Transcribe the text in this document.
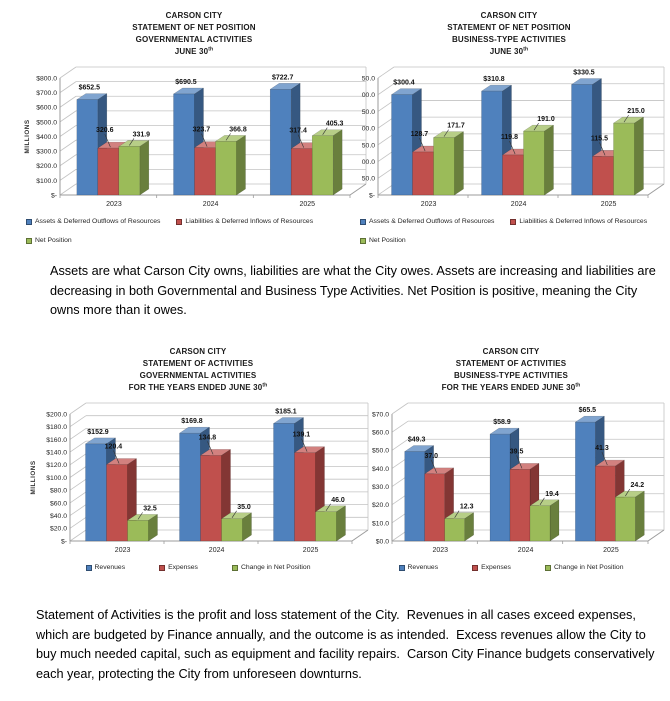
CARSON CITY
STATEMENT OF NET POSITION
GOVERNMENTAL ACTIVITIES
JUNE 30th
$-
$100.0
$200.0
$300.0
$400.0
$500.0
$600.0
$700.0
$800.0
$652.5
320.6
331.9
2023
$690.5
323.7	366.8
2024
$722.7
317.4
405.3
2025
MILLIONS
Assets & Deferred Outflows of Resources	Liabilities & Deferred Inflows of Resources
Net Position
CARSON CITY
STATEMENT OF NET POSITION
BUSINESS-TYPE ACTIVITIES
JUNE 30th
$-
50.0
00.0
50.0
00.0
50.0
00.0
50.0
$300.4
128.7
171.7
2023
$310.8
119.8
191.0
2024
$330.5
115.5
215.0
2025
Assets & Deferred Outflows of Resources	Liabilities & Deferred Inflows of Resources
Net Position
CARSON CITY
STATEMENT OF ACTIVITIES
GOVERNMENTAL ACTIVITIES
FOR THE YEARS ENDED JUNE 30th
$-
$20.0
$40.0
$60.0
$80.0
$100.0
$120.0
$140.0
$160.0
$180.0
$200.0
$152.9
120.4
32.5
2023
$169.8
134.8
35.0
2024
$185.1
139.1
46.0
2025
MILLIONS
Revenues	Expenses	Change in Net Position
CARSON CITY
STATEMENT OF ACTIVITIES
BUSINESS-TYPE ACTIVITIES
FOR THE YEARS ENDED JUNE 30th
$0.0
$10.0
$20.0
$30.0
$40.0
$50.0
$60.0
$70.0
$49.3
37.0
12.3
2023
$58.9
39.5
19.4
2024
$65.5
41.3
24.2
2025
Revenues	Expenses	Change in Net Position
Assets are what Carson City owns, liabilities are what the City owes. Assets are increasing and liabilities are decreasing in both Governmental and Business Type Activities. Net Position is positive, meaning the City owns more than it owes.
Statement of Activities is the profit and loss statement of the City.  Revenues in all cases exceed expenses, which are budgeted by Finance annually, and the outcome is as intended.  Excess revenues allow the City to buy much needed capital, such as equipment and facility repairs.  Carson City Finance budgets conservatively each year, protecting the City from unforeseen downturns.
